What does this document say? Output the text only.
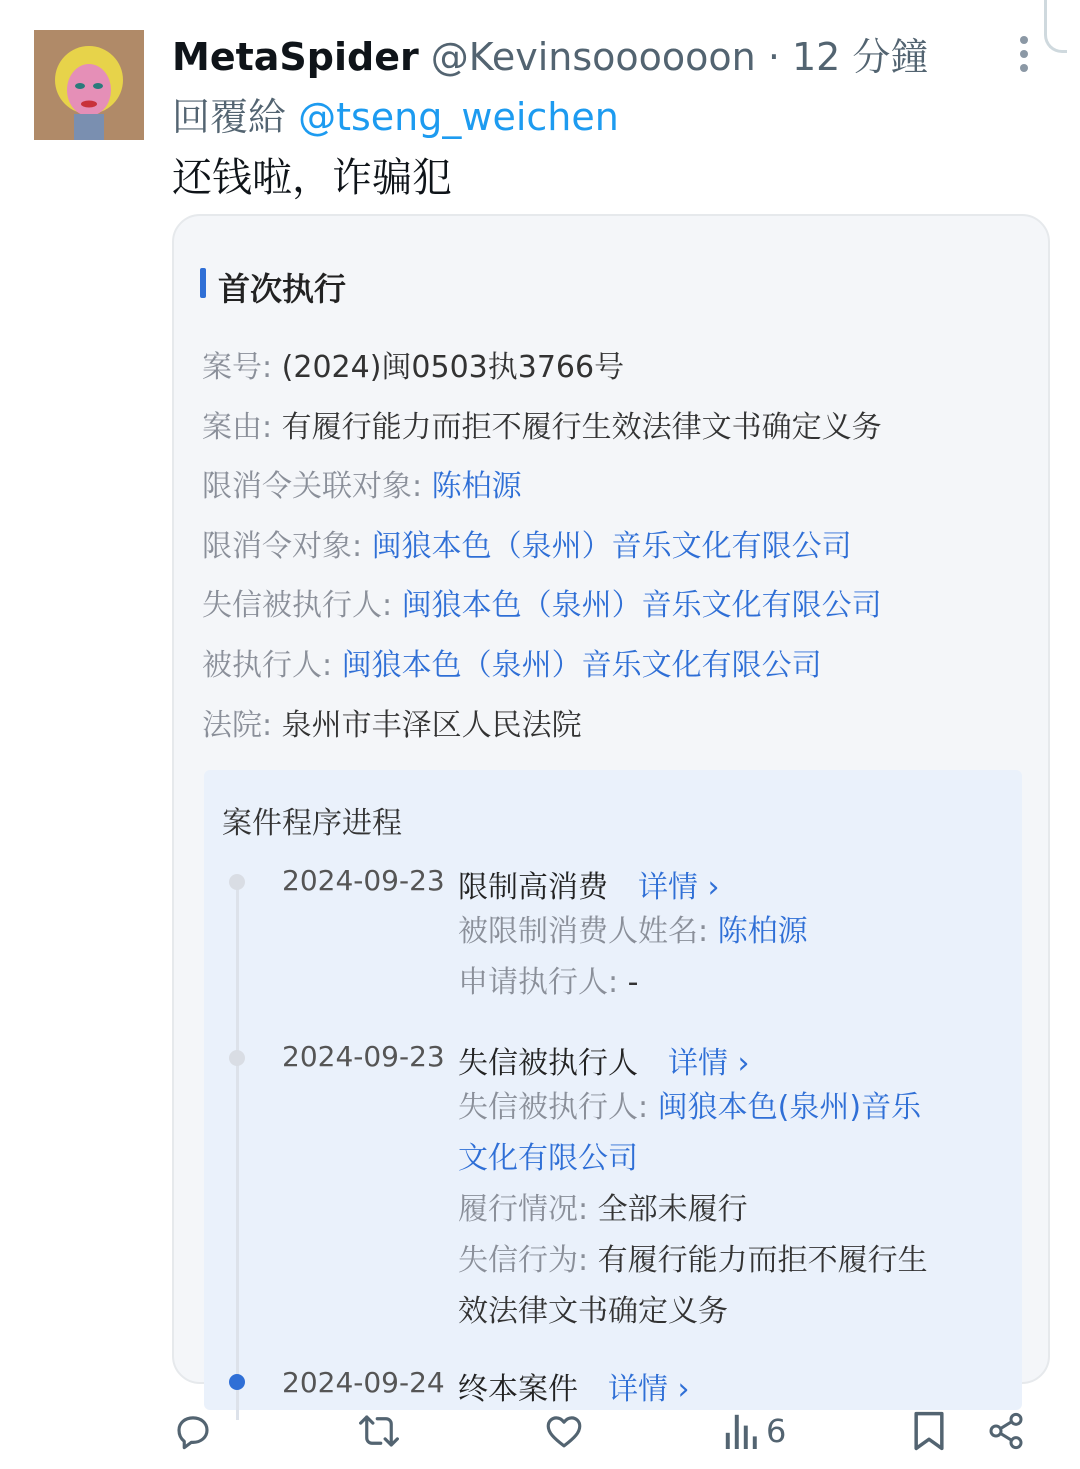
MetaSpider @Kevinsoooooon · 12 分鐘
回覆給 @tseng_weichen
还钱啦，诈骗犯
首次执行
案号: (2024)闽0503执3766号
案由: 有履行能力而拒不履行生效法律文书确定义务
限消令关联对象: 陈柏源
限消令对象: 闽狼本色（泉州）音乐文化有限公司
失信被执行人: 闽狼本色（泉州）音乐文化有限公司
被执行人: 闽狼本色（泉州）音乐文化有限公司
法院: 泉州市丰泽区人民法院
案件程序进程
2024-09-23 限制高消费 详情 ›
被限制消费人姓名: 陈柏源
申请执行人: -
2024-09-23 失信被执行人 详情 ›
失信被执行人: 闽狼本色(泉州)音乐
文化有限公司
履行情况: 全部未履行
失信行为: 有履行能力而拒不履行生
效法律文书确定义务
2024-09-24 终本案件 详情 ›
6
